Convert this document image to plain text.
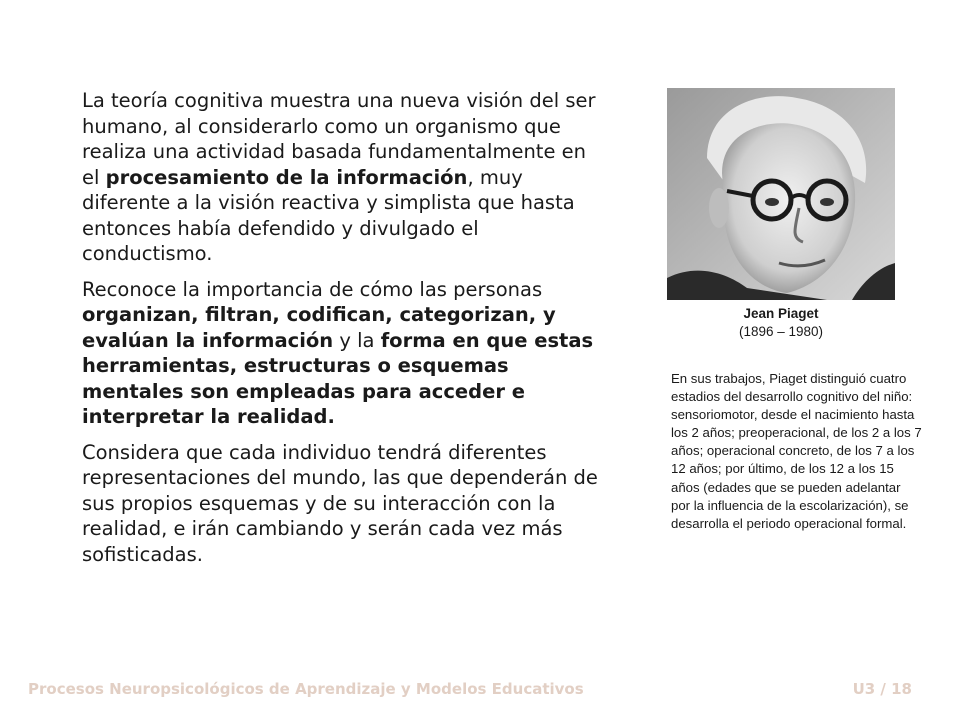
La teoría cognitiva muestra una nueva visión del ser humano, al considerarlo como un organismo que realiza una actividad basada fundamentalmente en el procesamiento de la información, muy diferente a la visión reactiva y simplista que hasta entonces había defendido y divulgado el conductismo.

Reconoce la importancia de cómo las personas organizan, filtran, codifican, categorizan, y evalúan la información y la forma en que estas herramientas, estructuras o esquemas mentales son empleadas para acceder e interpretar la realidad.

Considera que cada individuo tendrá diferentes representaciones del mundo, las que dependerán de sus propios esquemas y de su interacción con la realidad, e irán cambiando y serán cada vez más sofisticadas.

Jean Piaget
(1896 – 1980)
En sus trabajos, Piaget distinguió cuatro estadios del desarrollo cognitivo del niño: sensoriomotor, desde el nacimiento hasta los 2 años; preoperacional, de los 2 a los 7 años; operacional concreto, de los 7 a los 12 años; por último, de los 12 a los 15 años (edades que se pueden adelantar por la influencia de la escolarización), se desarrolla el periodo operacional formal.
Procesos Neuropsicológicos de Aprendizaje y Modelos Educativos	U3 / 18
